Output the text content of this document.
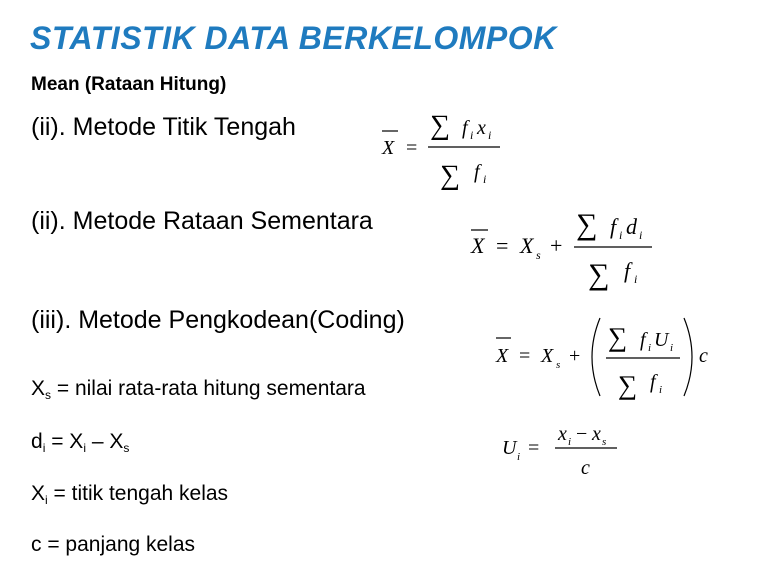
STATISTIK DATA BERKELOMPOK
Mean (Rataan Hitung)
(ii). Metode Titik Tengah
(ii). Metode Rataan Sementara
(iii). Metode Pengkodean(Coding)
X =
∑ f i x i
∑ f i
X = X s +
∑ f i d i
∑ f i
X = X s +
∑ f i U i
∑ f i
c
U i =
x i − x s
c
$X_s$ = nilai rata-rata hitung sementara
$d_i = X_i - X_s$
$X_i$ = titik tengah kelas
c = panjang kelas
